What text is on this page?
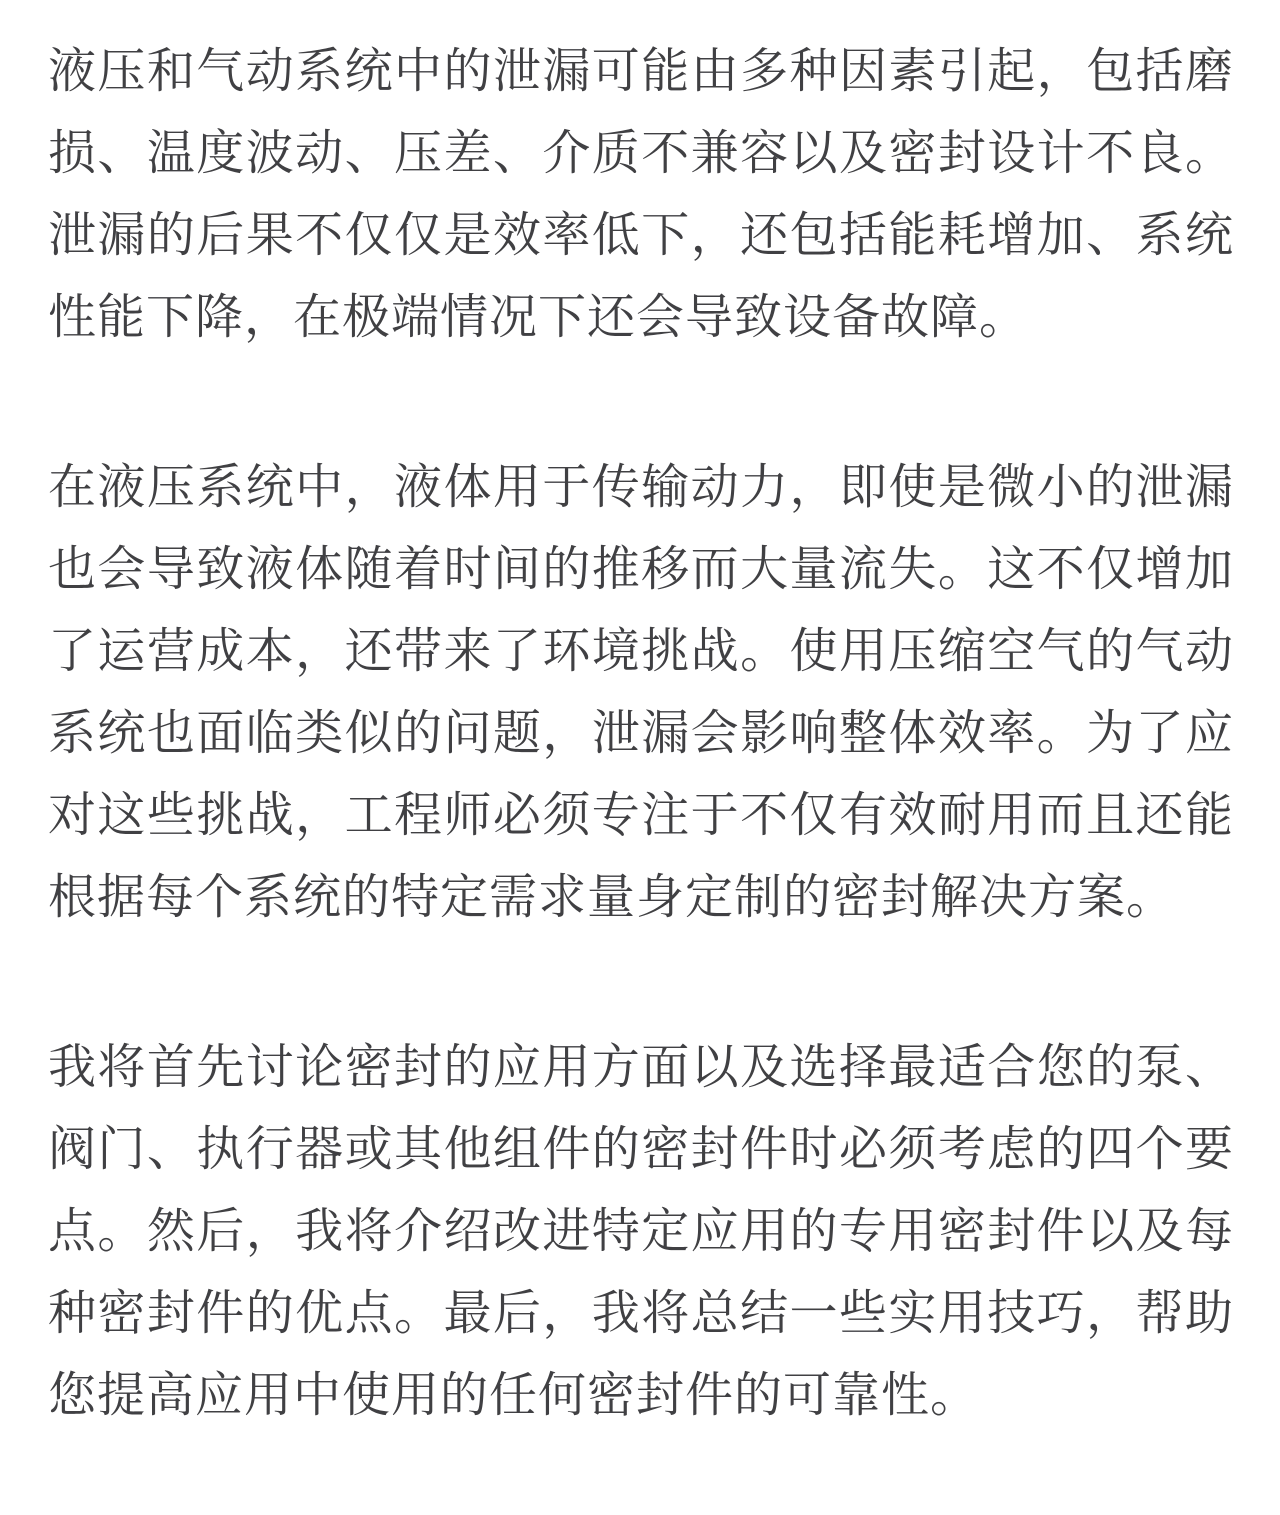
液压和气动系统中的泄漏可能由多种因素引起，包括磨损、温度波动、压差、介质不兼容以及密封设计不良。泄漏的后果不仅仅是效率低下，还包括能耗增加、系统性能下降，在极端情况下还会导致设备故障。

在液压系统中，液体用于传输动力，即使是微小的泄漏也会导致液体随着时间的推移而大量流失。这不仅增加了运营成本，还带来了环境挑战。使用压缩空气的气动系统也面临类似的问题，泄漏会影响整体效率。为了应对这些挑战，工程师必须专注于不仅有效耐用而且还能根据每个系统的特定需求量身定制的密封解决方案。

我将首先讨论密封的应用方面以及选择最适合您的泵、阀门、执行器或其他组件的密封件时必须考虑的四个要点。然后，我将介绍改进特定应用的专用密封件以及每种密封件的优点。最后，我将总结一些实用技巧，帮助您提高应用中使用的任何密封件的可靠性。
